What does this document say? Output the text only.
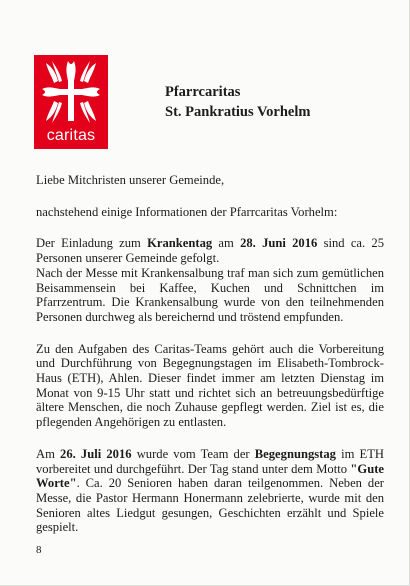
caritas
Pfarrcaritas
St. Pankratius Vorhelm

Liebe Mitchristen unserer Gemeinde,

nachstehend einige Informationen der Pfarrcaritas Vorhelm:

Der Einladung zum Krankentag am 28. Juni 2016 sind ca. 25 Personen unserer Gemeinde gefolgt.

Nach der Messe mit Krankensalbung traf man sich zum gemütlichen Beisammensein bei Kaffee, Kuchen und Schnittchen im Pfarrzentrum. Die Krankensalbung wurde von den teilnehmenden Personen durchweg als bereichernd und tröstend empfunden.

Zu den Aufgaben des Caritas-Teams gehört auch die Vorbereitung und Durchführung von Begegnungstagen im Elisabeth-Tombrock-Haus (ETH), Ahlen. Dieser findet immer am letzten Dienstag im Monat von 9-15 Uhr statt und richtet sich an betreuungsbedürftige ältere Menschen, die noch Zuhause gepflegt werden. Ziel ist es, die pflegenden Angehörigen zu entlasten.

Am 26. Juli 2016 wurde vom Team der Begegnungstag im ETH vorbereitet und durchgeführt. Der Tag stand unter dem Motto "Gute Worte". Ca. 20 Senioren haben daran teilgenommen. Neben der Messe, die Pastor Hermann Honermann zelebrierte, wurde mit den Senioren altes Liedgut gesungen, Geschichten erzählt und Spiele gespielt.

8
